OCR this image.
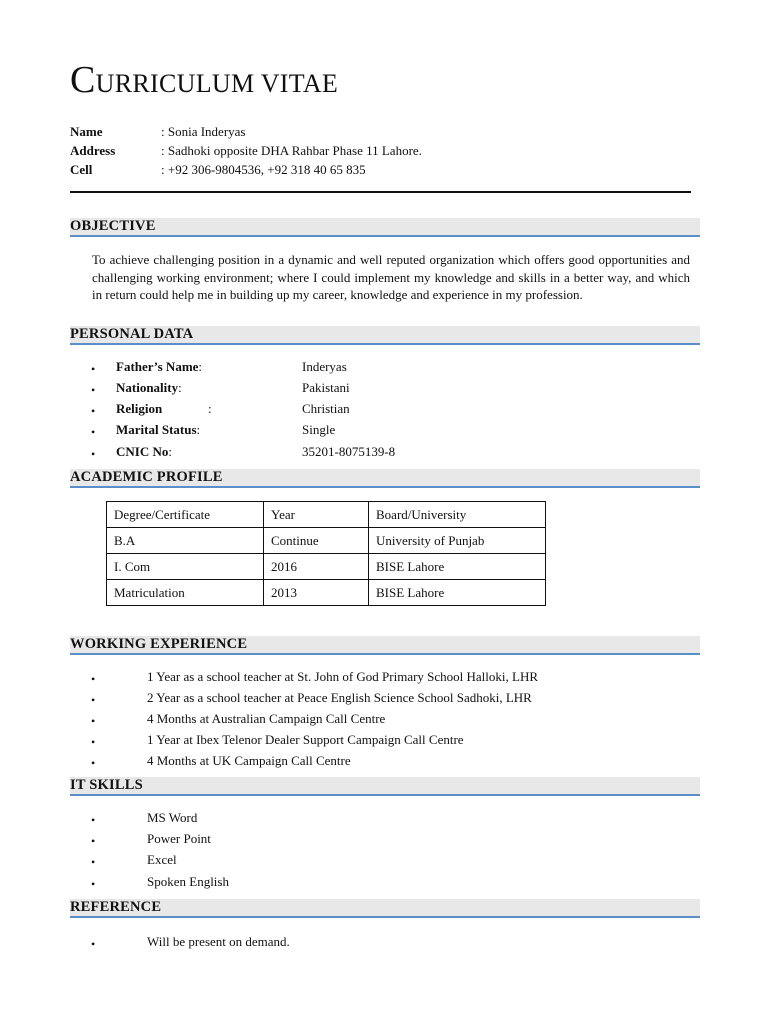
CURRICULUM VITAE
Name	: Sonia Inderyas
Address	: Sadhoki opposite DHA Rahbar Phase 11 Lahore.
Cell	: +92 306-9804536, +92 318 40 65 835
OBJECTIVE
To achieve challenging position in a dynamic and well reputed organization which offers good opportunities and challenging working environment; where I could implement my knowledge and skills in a better way, and which in return could help me in building up my career, knowledge and experience in my profession.
PERSONAL DATA
• Father’s Name:	Inderyas
• Nationality:	Pakistani
• Religion	:	Christian
• Marital Status:	Single
• CNIC No:	35201-8075139-8
ACADEMIC PROFILE
Degree/Certificate	Year	Board/University
B.A	Continue	University of Punjab
I. Com	2016	BISE Lahore
Matriculation	2013	BISE Lahore
WORKING EXPERIENCE
•	1 Year as a school teacher at St. John of God Primary School Halloki, LHR
•	2 Year as a school teacher at Peace English Science School Sadhoki, LHR
•	4 Months at Australian Campaign Call Centre
•	1 Year at Ibex Telenor Dealer Support Campaign Call Centre
•	4 Months at UK Campaign Call Centre
IT SKILLS
•	MS Word
•	Power Point
•	Excel
•	Spoken English
REFERENCE
•	Will be present on demand.
